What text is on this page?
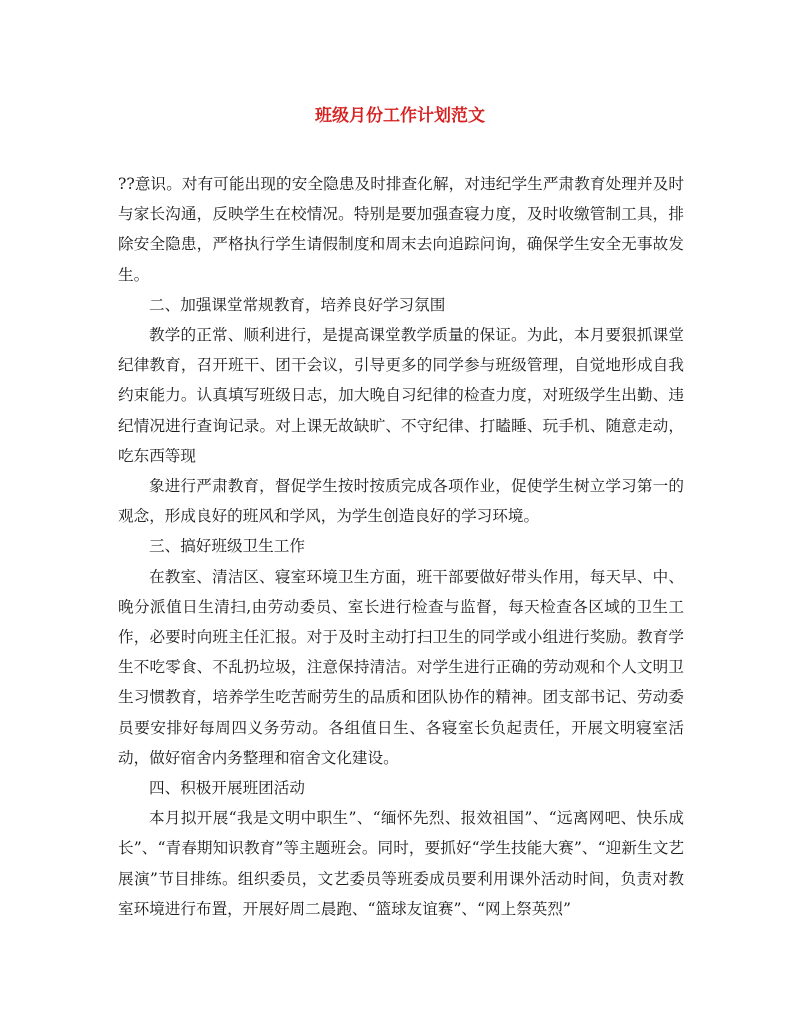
班级月份工作计划范文

??意识。对有可能出现的安全隐患及时排查化解，对违纪学生严肃教育处理并及时与家长沟通，反映学生在校情况。特别是要加强查寝力度，及时收缴管制工具，排除安全隐患，严格执行学生请假制度和周末去向追踪问询，确保学生安全无事故发生。

二、加强课堂常规教育，培养良好学习氛围

教学的正常、顺利进行，是提高课堂教学质量的保证。为此，本月要狠抓课堂纪律教育，召开班干、团干会议，引导更多的同学参与班级管理，自觉地形成自我约束能力。认真填写班级日志，加大晚自习纪律的检查力度，对班级学生出勤、违纪情况进行查询记录。对上课无故缺旷、不守纪律、打瞌睡、玩手机、随意走动，吃东西等现

象进行严肃教育，督促学生按时按质完成各项作业，促使学生树立学习第一的观念，形成良好的班风和学风，为学生创造良好的学习环境。

三、搞好班级卫生工作

在教室、清洁区、寝室环境卫生方面，班干部要做好带头作用，每天早、中、晚分派值日生清扫,由劳动委员、室长进行检查与监督，每天检查各区域的卫生工作，必要时向班主任汇报。对于及时主动打扫卫生的同学或小组进行奖励。教育学生不吃零食、不乱扔垃圾，注意保持清洁。对学生进行正确的劳动观和个人文明卫生习惯教育，培养学生吃苦耐劳生的品质和团队协作的精神。团支部书记、劳动委员要安排好每周四义务劳动。各组值日生、各寝室长负起责任，开展文明寝室活动，做好宿舍内务整理和宿舍文化建设。

四、积极开展班团活动

本月拟开展“我是文明中职生”、“缅怀先烈、报效祖国”、“远离网吧、快乐成长”、“青春期知识教育”等主题班会。同时，要抓好“学生技能大赛”、“迎新生文艺展演”节目排练。组织委员，文艺委员等班委成员要利用课外活动时间，负责对教室环境进行布置，开展好周二晨跑、“篮球友谊赛”、“网上祭英烈”
